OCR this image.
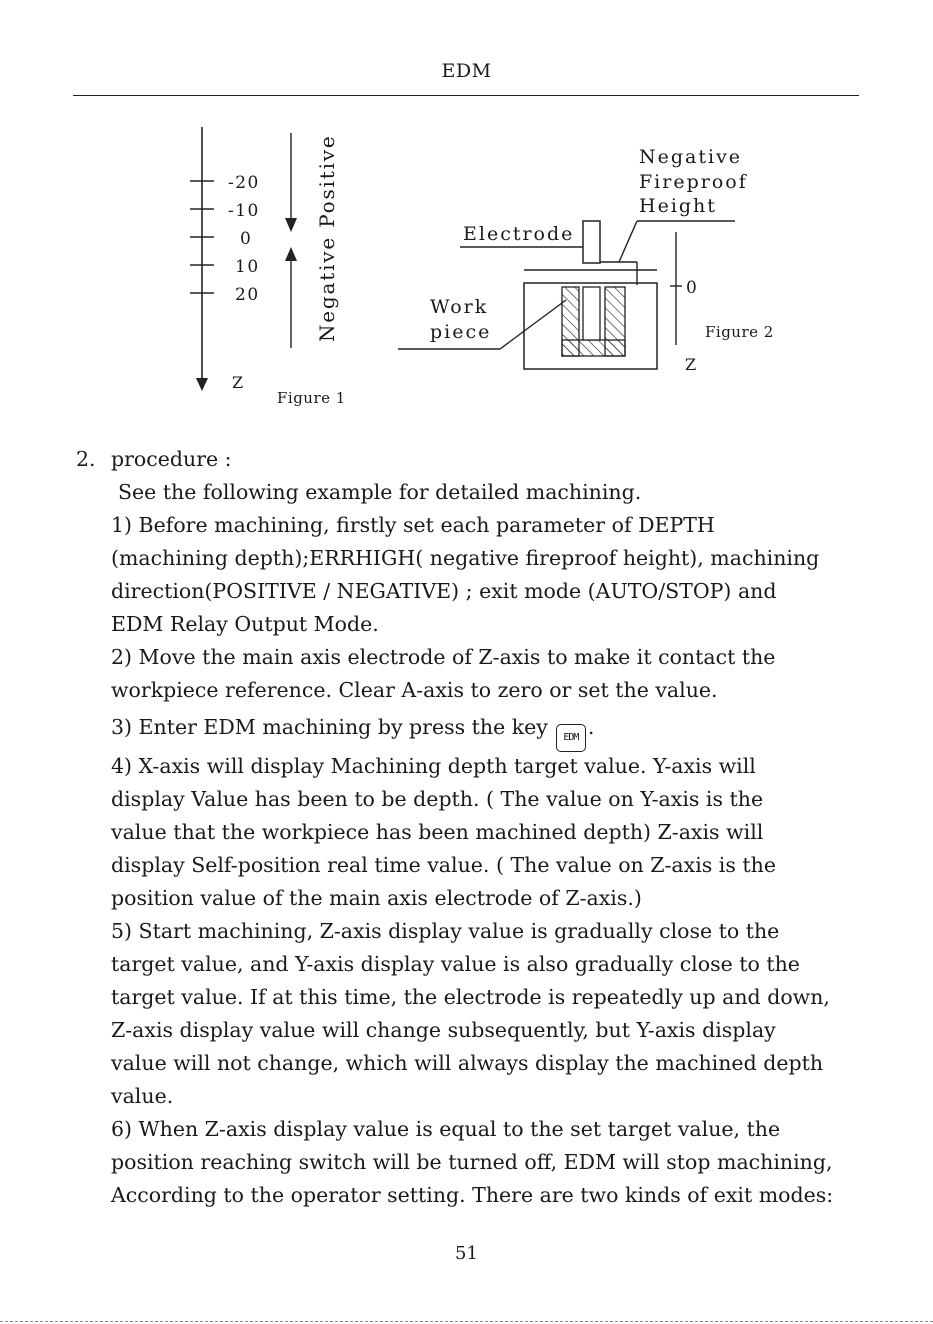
EDM
-20
-10
0
10
20
Z
Negative Positive
Figure 1
Negative
Fireproof
Height
Electrode
Work
piece
0
Z
Figure 2
2. procedure :
See the following example for detailed machining.
1) Before machining, firstly set each parameter of DEPTH
(machining depth);ERRHIGH( negative fireproof height), machining
direction(POSITIVE / NEGATIVE) ; exit mode (AUTO/STOP) and
EDM Relay Output Mode.
2) Move the main axis electrode of Z-axis to make it contact the
workpiece reference. Clear A-axis to zero or set the value.
3) Enter EDM machining by press the key EDM .
4) X-axis will display Machining depth target value. Y-axis will
display Value has been to be depth. ( The value on Y-axis is the
value that the workpiece has been machined depth) Z-axis will
display Self-position real time value. ( The value on Z-axis is the
position value of the main axis electrode of Z-axis.)
5) Start machining, Z-axis display value is gradually close to the
target value, and Y-axis display value is also gradually close to the
target value. If at this time, the electrode is repeatedly up and down,
Z-axis display value will change subsequently, but Y-axis display
value will not change, which will always display the machined depth
value.
6) When Z-axis display value is equal to the set target value, the
position reaching switch will be turned off, EDM will stop machining,
According to the operator setting. There are two kinds of exit modes:
51
